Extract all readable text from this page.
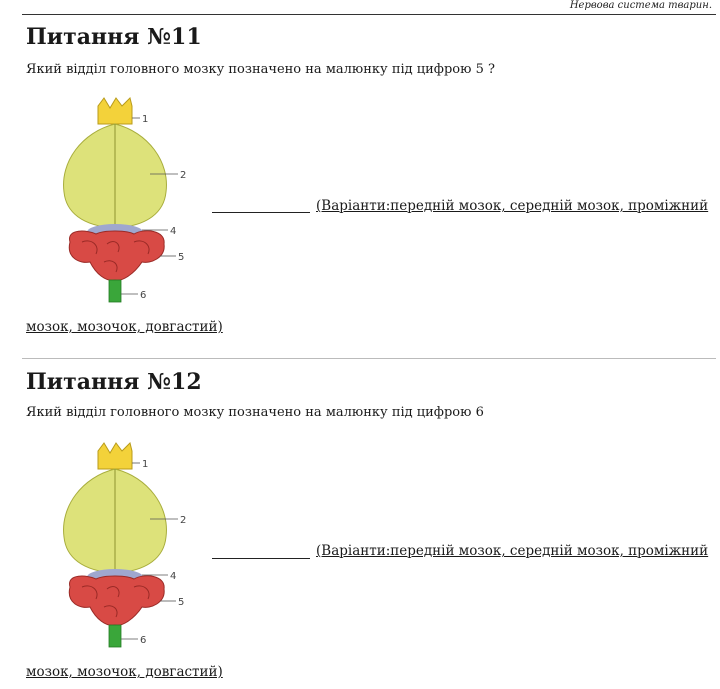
Нервова система тварин.
Питання №11

Який відділ головного мозку позначено на малюнку під цифрою 5 ?

1
2
4
5
6
(Варіанти:передній мозок, середній мозок, проміжний
мозок, мозочок, довгастий)
Питання №12

Який відділ головного мозку позначено на малюнку під цифрою 6

1
2
4
5
6
(Варіанти:передній мозок, середній мозок, проміжний
мозок, мозочок, довгастий)
